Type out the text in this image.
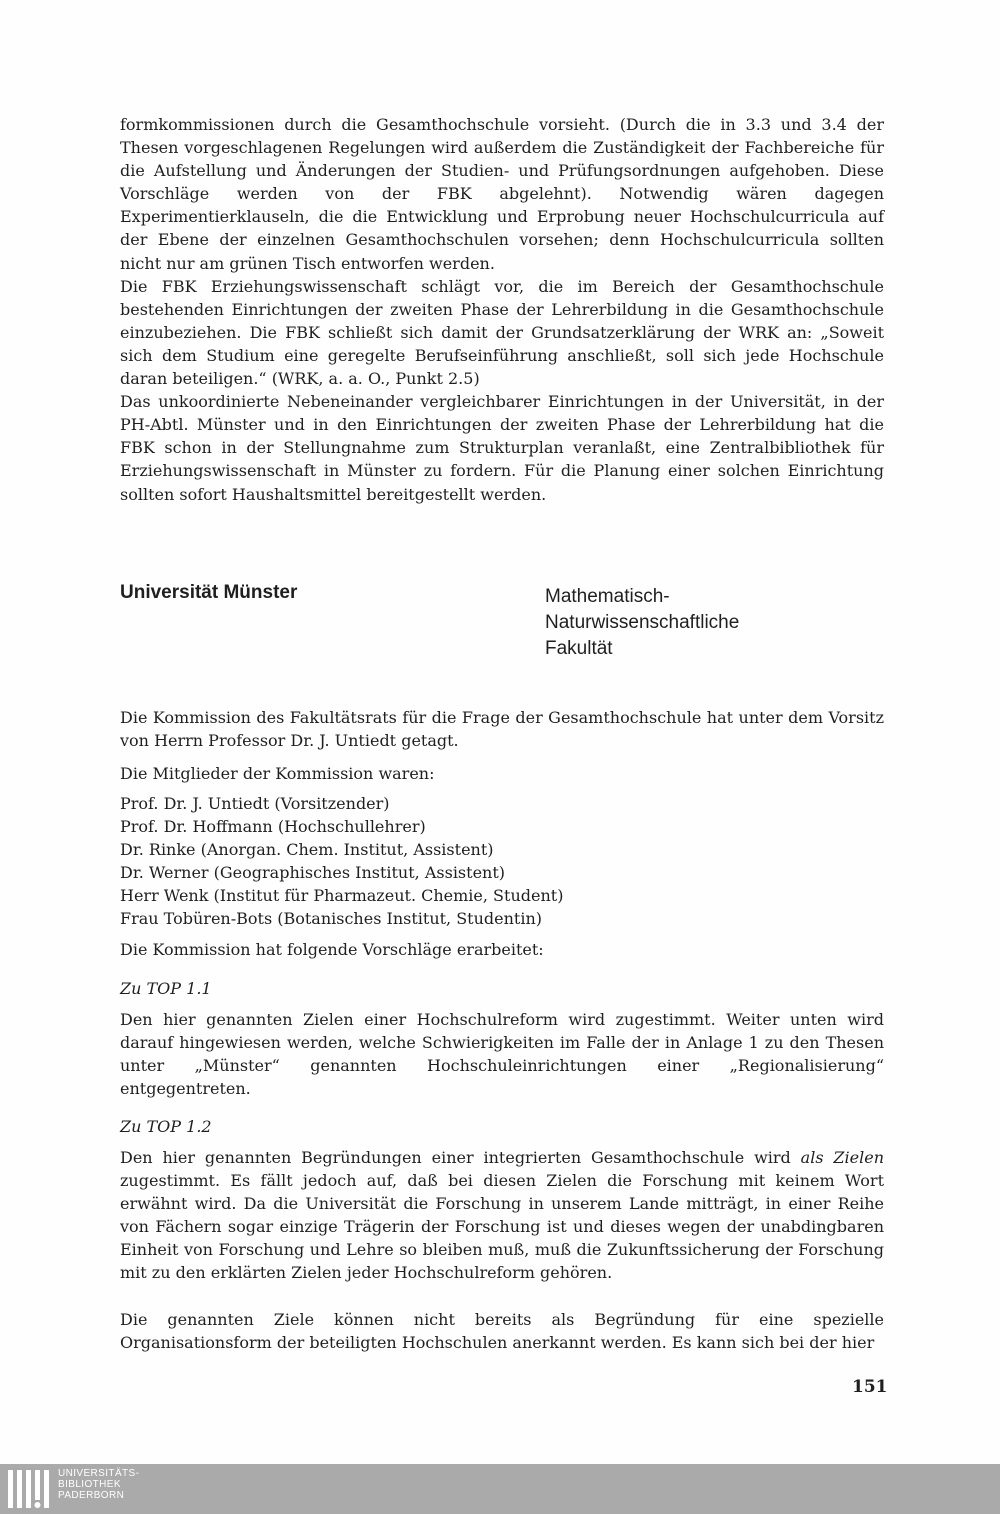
formkommissionen durch die Gesamthochschule vorsieht. (Durch die in 3.3 und 3.4 der Thesen vorgeschlagenen Regelungen wird außerdem die Zuständigkeit der Fachbereiche für die Aufstellung und Änderungen der Studien- und Prüfungsordnungen aufgehoben. Diese Vorschläge werden von der FBK abgelehnt). Notwendig wären dagegen Experimentierklauseln, die die Entwicklung und Erprobung neuer Hochschulcurricula auf der Ebene der einzelnen Gesamthochschulen vorsehen; denn Hochschulcurricula sollten nicht nur am grünen Tisch entworfen werden.

Die FBK Erziehungswissenschaft schlägt vor, die im Bereich der Gesamthochschule bestehenden Einrichtungen der zweiten Phase der Lehrerbildung in die Gesamthochschule einzubeziehen. Die FBK schließt sich damit der Grundsatzerklärung der WRK an: „Soweit sich dem Studium eine geregelte Berufseinführung anschließt, soll sich jede Hochschule daran beteiligen.“ (WRK, a. a. O., Punkt 2.5)

Das unkoordinierte Nebeneinander vergleichbarer Einrichtungen in der Universität, in der PH-Abtl. Münster und in den Einrichtungen der zweiten Phase der Lehrerbildung hat die FBK schon in der Stellungnahme zum Strukturplan veranlaßt, eine Zentralbibliothek für Erziehungswissenschaft in Münster zu fordern. Für die Planung einer solchen Einrichtung sollten sofort Haushaltsmittel bereitgestellt werden.

Universität Münster	Mathematisch-
Naturwissenschaftliche
Fakultät

Die Kommission des Fakultätsrats für die Frage der Gesamthochschule hat unter dem Vorsitz von Herrn Professor Dr. J. Untiedt getagt.

Die Mitglieder der Kommission waren:

Prof. Dr. J. Untiedt (Vorsitzender)
Prof. Dr. Hoffmann (Hochschullehrer)
Dr. Rinke (Anorgan. Chem. Institut, Assistent)
Dr. Werner (Geographisches Institut, Assistent)
Herr Wenk (Institut für Pharmazeut. Chemie, Student)
Frau Tobüren-Bots (Botanisches Institut, Studentin)

Die Kommission hat folgende Vorschläge erarbeitet:

Zu TOP 1.1

Den hier genannten Zielen einer Hochschulreform wird zugestimmt. Weiter unten wird darauf hingewiesen werden, welche Schwierigkeiten im Falle der in Anlage 1 zu den Thesen unter „Münster“ genannten Hochschuleinrichtungen einer „Regionalisierung“ entgegentreten.

Zu TOP 1.2

Den hier genannten Begründungen einer integrierten Gesamthochschule wird als Zielen zugestimmt. Es fällt jedoch auf, daß bei diesen Zielen die Forschung mit keinem Wort erwähnt wird. Da die Universität die Forschung in unserem Lande mitträgt, in einer Reihe von Fächern sogar einzige Trägerin der Forschung ist und dieses wegen der unabdingbaren Einheit von Forschung und Lehre so bleiben muß, muß die Zukunftssicherung der Forschung mit zu den erklärten Zielen jeder Hochschulreform gehören.

Die genannten Ziele können nicht bereits als Begründung für eine spezielle Organisationsform der beteiligten Hochschulen anerkannt werden. Es kann sich bei der hier

151
UNIVERSITÄTS-
BIBLIOTHEK
PADERBORN
